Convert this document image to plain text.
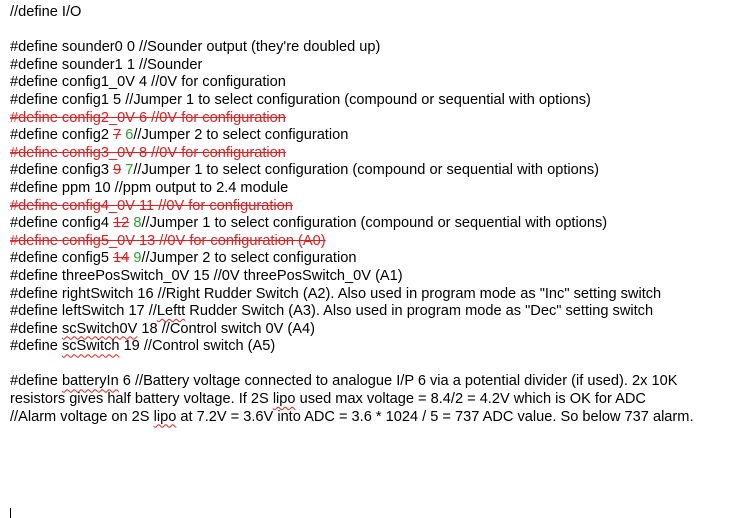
//define I/O
#define sounder0 0 //Sounder output (they're doubled up)
#define sounder1 1 //Sounder
#define config1_0V 4 //0V for configuration
#define config1 5 //Jumper 1 to select configuration (compound or sequential with options)
#define config2_0V 6 //0V for configuration
#define config2 7 6//Jumper 2 to select configuration
#define config3_0V 8 //0V for configuration
#define config3 9 7//Jumper 1 to select configuration (compound or sequential with options)
#define ppm 10 //ppm output to 2.4 module
#define config4_0V 11 //0V for configuration
#define config4 12 8//Jumper 1 to select configuration (compound or sequential with options)
#define config5_0V 13 //0V for configuration (A0)
#define config5 14 9//Jumper 2 to select configuration
#define threePosSwitch_0V 15 //0V threePosSwitch_0V (A1)
#define rightSwitch 16 //Right Rudder Switch (A2). Also used in program mode as "Inc" setting switch
#define leftSwitch 17 //Leftt Rudder Switch (A3). Also used in program mode as "Dec" setting switch
#define scSwitch0V 18 //Control switch 0V (A4)
#define scSwitch 19 //Control switch (A5)
#define batteryIn 6 //Battery voltage connected to analogue I/P 6 via a potential divider (if used). 2x 10K resistors gives half battery voltage. If 2S lipo used max voltage = 8.4/2 = 4.2V which is OK for ADC
//Alarm voltage on 2S lipo at 7.2V = 3.6V into ADC = 3.6 * 1024 / 5 = 737 ADC value. So below 737 alarm.
